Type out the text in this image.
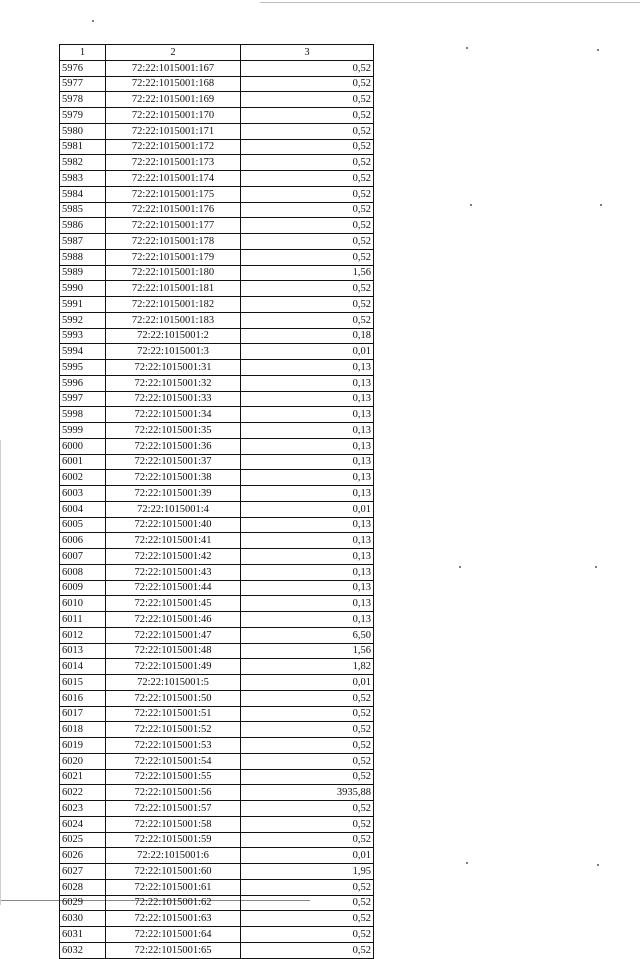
1	2	3
5976	72:22:1015001:167	0,52
5977	72:22:1015001:168	0,52
5978	72:22:1015001:169	0,52
5979	72:22:1015001:170	0,52
5980	72:22:1015001:171	0,52
5981	72:22:1015001:172	0,52
5982	72:22:1015001:173	0,52
5983	72:22:1015001:174	0,52
5984	72:22:1015001:175	0,52
5985	72:22:1015001:176	0,52
5986	72:22:1015001:177	0,52
5987	72:22:1015001:178	0,52
5988	72:22:1015001:179	0,52
5989	72:22:1015001:180	1,56
5990	72:22:1015001:181	0,52
5991	72:22:1015001:182	0,52
5992	72:22:1015001:183	0,52
5993	72:22:1015001:2	0,18
5994	72:22:1015001:3	0,01
5995	72:22:1015001:31	0,13
5996	72:22:1015001:32	0,13
5997	72:22:1015001:33	0,13
5998	72:22:1015001:34	0,13
5999	72:22:1015001:35	0,13
6000	72:22:1015001:36	0,13
6001	72:22:1015001:37	0,13
6002	72:22:1015001:38	0,13
6003	72:22:1015001:39	0,13
6004	72:22:1015001:4	0,01
6005	72:22:1015001:40	0,13
6006	72:22:1015001:41	0,13
6007	72:22:1015001:42	0,13
6008	72:22:1015001:43	0,13
6009	72:22:1015001:44	0,13
6010	72:22:1015001:45	0,13
6011	72:22:1015001:46	0,13
6012	72:22:1015001:47	6,50
6013	72:22:1015001:48	1,56
6014	72:22:1015001:49	1,82
6015	72:22:1015001:5	0,01
6016	72:22:1015001:50	0,52
6017	72:22:1015001:51	0,52
6018	72:22:1015001:52	0,52
6019	72:22:1015001:53	0,52
6020	72:22:1015001:54	0,52
6021	72:22:1015001:55	0,52
6022	72:22:1015001:56	3935,88
6023	72:22:1015001:57	0,52
6024	72:22:1015001:58	0,52
6025	72:22:1015001:59	0,52
6026	72:22:1015001:6	0,01
6027	72:22:1015001:60	1,95
6028	72:22:1015001:61	0,52
6029	72:22:1015001:62	0,52
6030	72:22:1015001:63	0,52
6031	72:22:1015001:64	0,52
6032	72:22:1015001:65	0,52
